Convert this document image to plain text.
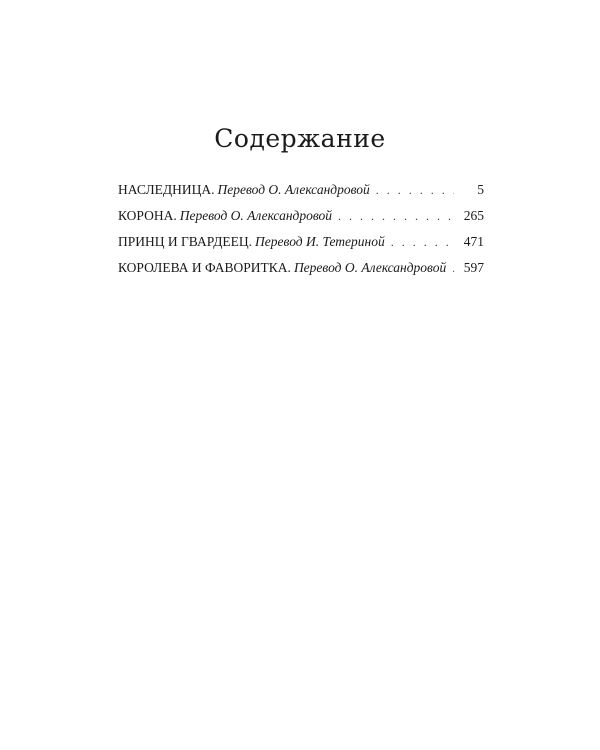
Содержание
НАСЛЕДНИЦА. Перевод О. Александровой . . .	5
КОРОНА. Перевод О. Александровой . . .	265
ПРИНЦ И ГВАРДЕЕЦ. Перевод И. Тетериной . . .	471
КОРОЛЕВА И ФАВОРИТКА. Перевод О. Александровой . . . 597
